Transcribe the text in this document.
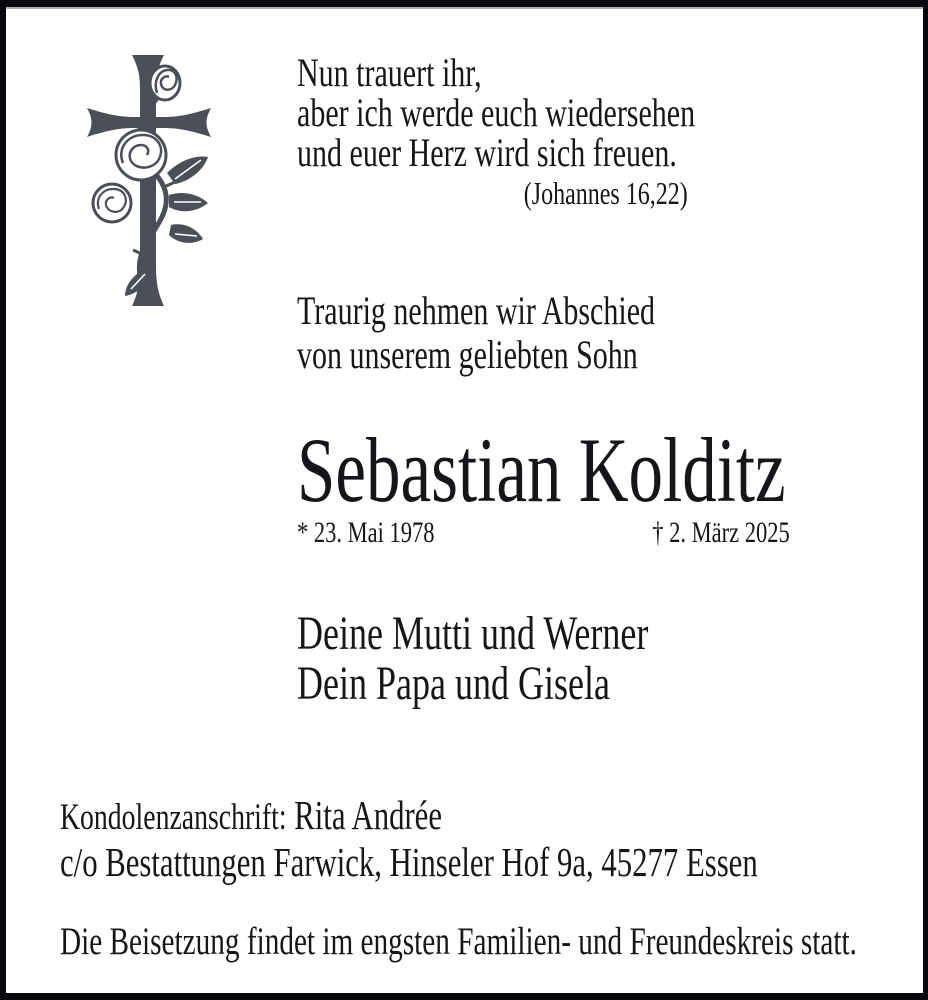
Nun trauert ihr,
aber ich werde euch wiedersehen
und euer Herz wird sich freuen.
(Johannes 16,22)
Traurig nehmen wir Abschied
von unserem geliebten Sohn
Sebastian Kolditz
* 23. Mai 1978	† 2. März 2025
Deine Mutti und Werner
Dein Papa und Gisela
Kondolenzanschrift: Rita Andrée
c/o Bestattungen Farwick, Hinseler Hof 9a, 45277 Essen
Die Beisetzung findet im engsten Familien- und Freundeskreis statt.
